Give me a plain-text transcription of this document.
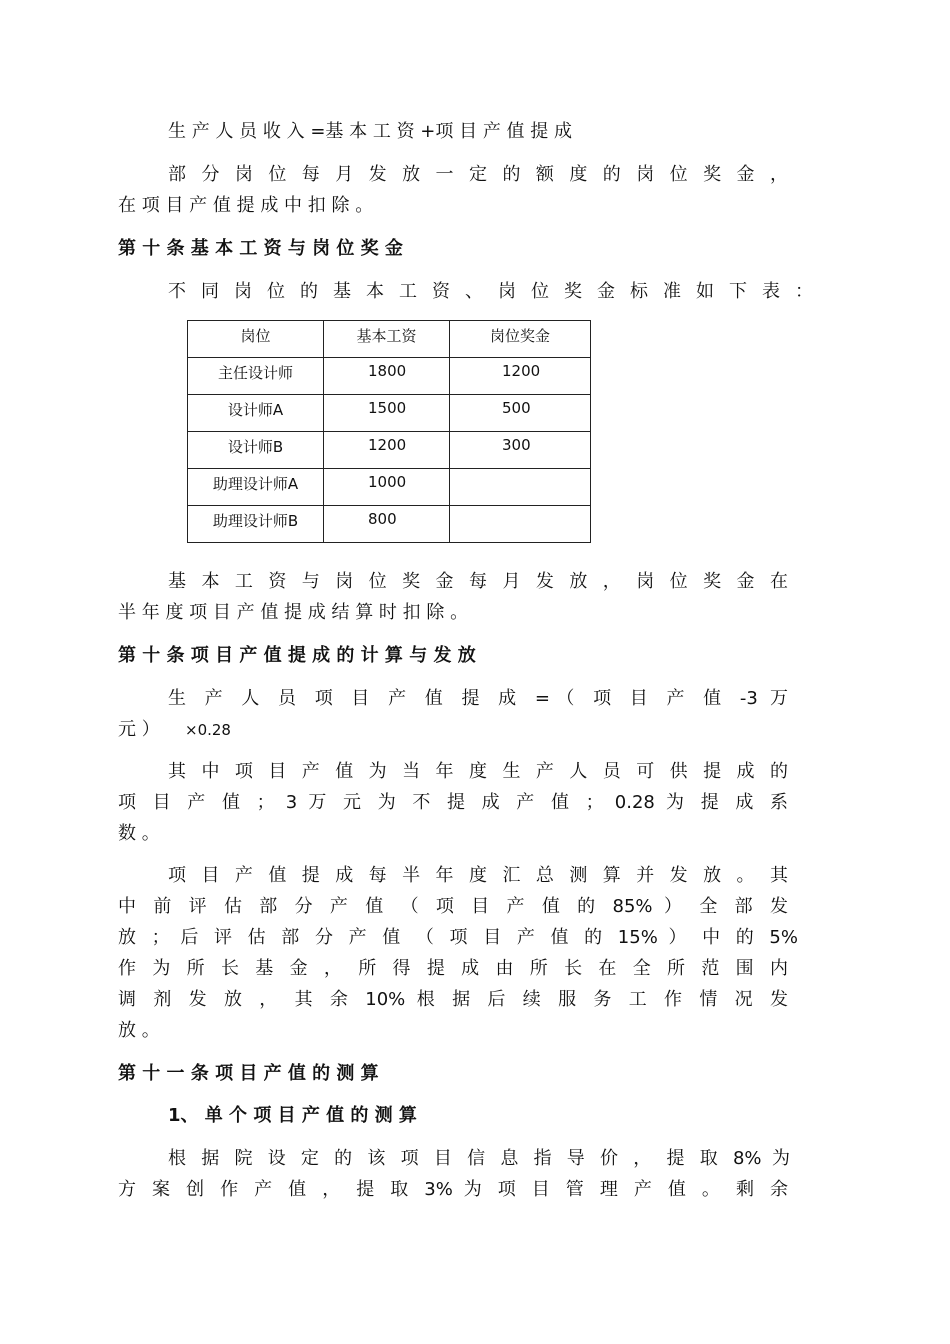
生 产 人 员 收 入 =基 本 工 资 +项 目 产 值 提 成
部 分 岗 位 每 月 发 放 一 定 的 额 度 的 岗 位 奖 金 ，
在 项 目 产 值 提 成 中 扣 除 。
第 十 条 基 本 工 资 与 岗 位 奖 金
不 同 岗 位 的 基 本 工 资 、 岗 位 奖 金 标 准 如 下 表 ：
岗位	基本工资	岗位奖金

主任设计师	1800	1200

设计师A	1500	500

设计师B	1200	300

助理设计师A	1000	

助理设计师B	800	

基 本 工 资 与 岗 位 奖 金 每 月 发 放 ， 岗 位 奖 金 在
半 年 度 项 目 产 值 提 成 结 算 时 扣 除 。
第 十 条 项 目 产 值 提 成 的 计 算 与 发 放
生 产 人 员 项 目 产 值 提 成 =（ 项 目 产 值 -3 万
元 ） ×0.28
其 中 项 目 产 值 为 当 年 度 生 产 人 员 可 供 提 成 的
项 目 产 值 ； 3 万 元 为 不 提 成 产 值 ； 0.28 为 提 成 系
数 。
项 目 产 值 提 成 每 半 年 度 汇 总 测 算 并 发 放 。 其
中 前 评 估 部 分 产 值 （ 项 目 产 值 的 85% ） 全 部 发
放 ； 后 评 估 部 分 产 值 （ 项 目 产 值 的 15% ） 中 的 5%
作 为 所 长 基 金 ， 所 得 提 成 由 所 长 在 全 所 范 围 内
调 剂 发 放 ， 其 余 10% 根 据 后 续 服 务 工 作 情 况 发
放 。
第 十 一 条 项 目 产 值 的 测 算
1、 单 个 项 目 产 值 的 测 算
根 据 院 设 定 的 该 项 目 信 息 指 导 价 ， 提 取 8% 为
方 案 创 作 产 值 ， 提 取 3% 为 项 目 管 理 产 值 。 剩 余
